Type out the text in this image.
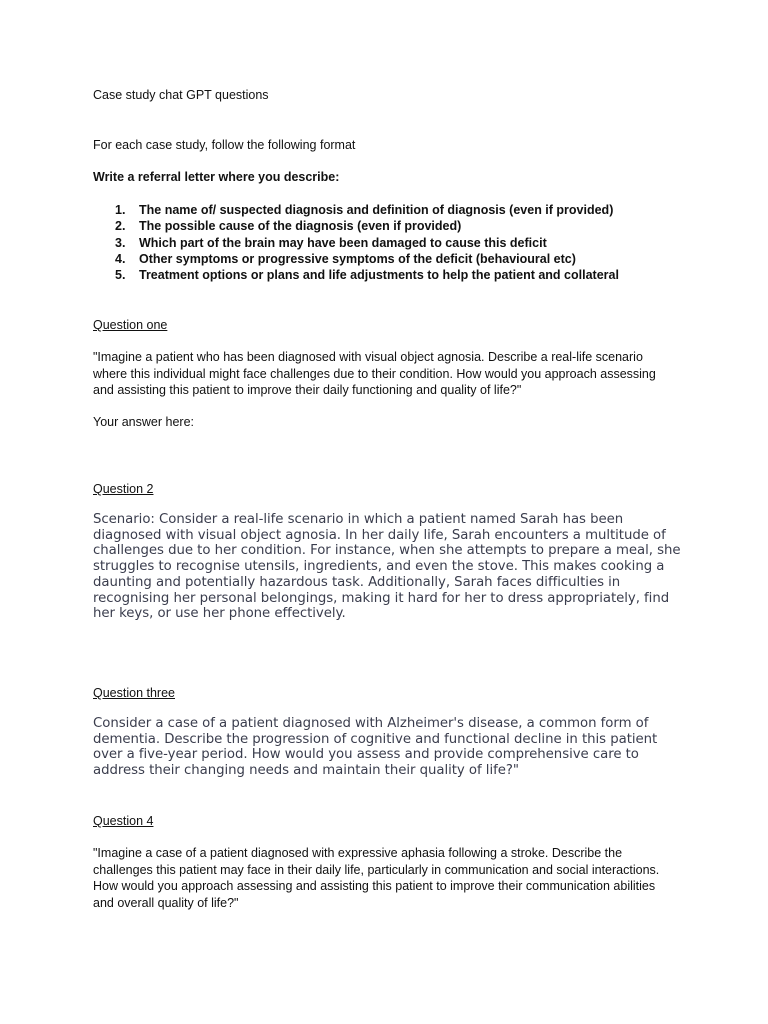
Case study chat GPT questions

For each case study, follow the following format

Write a referral letter where you describe:

1. The name of/ suspected diagnosis and definition of diagnosis (even if provided)
2. The possible cause of the diagnosis (even if provided)
3. Which part of the brain may have been damaged to cause this deficit
4. Other symptoms or progressive symptoms of the deficit (behavioural etc)
5. Treatment options or plans and life adjustments to help the patient and collateral

Question one

"Imagine a patient who has been diagnosed with visual object agnosia. Describe a real-life scenario where this individual might face challenges due to their condition. How would you approach assessing and assisting this patient to improve their daily functioning and quality of life?"

Your answer here:

Question 2

Scenario: Consider a real-life scenario in which a patient named Sarah has been diagnosed with visual object agnosia. In her daily life, Sarah encounters a multitude of challenges due to her condition. For instance, when she attempts to prepare a meal, she struggles to recognise utensils, ingredients, and even the stove. This makes cooking a daunting and potentially hazardous task. Additionally, Sarah faces difficulties in recognising her personal belongings, making it hard for her to dress appropriately, find her keys, or use her phone effectively.

Question three

Consider a case of a patient diagnosed with Alzheimer's disease, a common form of dementia. Describe the progression of cognitive and functional decline in this patient over a five-year period. How would you assess and provide comprehensive care to address their changing needs and maintain their quality of life?"

Question 4

"Imagine a case of a patient diagnosed with expressive aphasia following a stroke. Describe the challenges this patient may face in their daily life, particularly in communication and social interactions. How would you approach assessing and assisting this patient to improve their communication abilities and overall quality of life?"
